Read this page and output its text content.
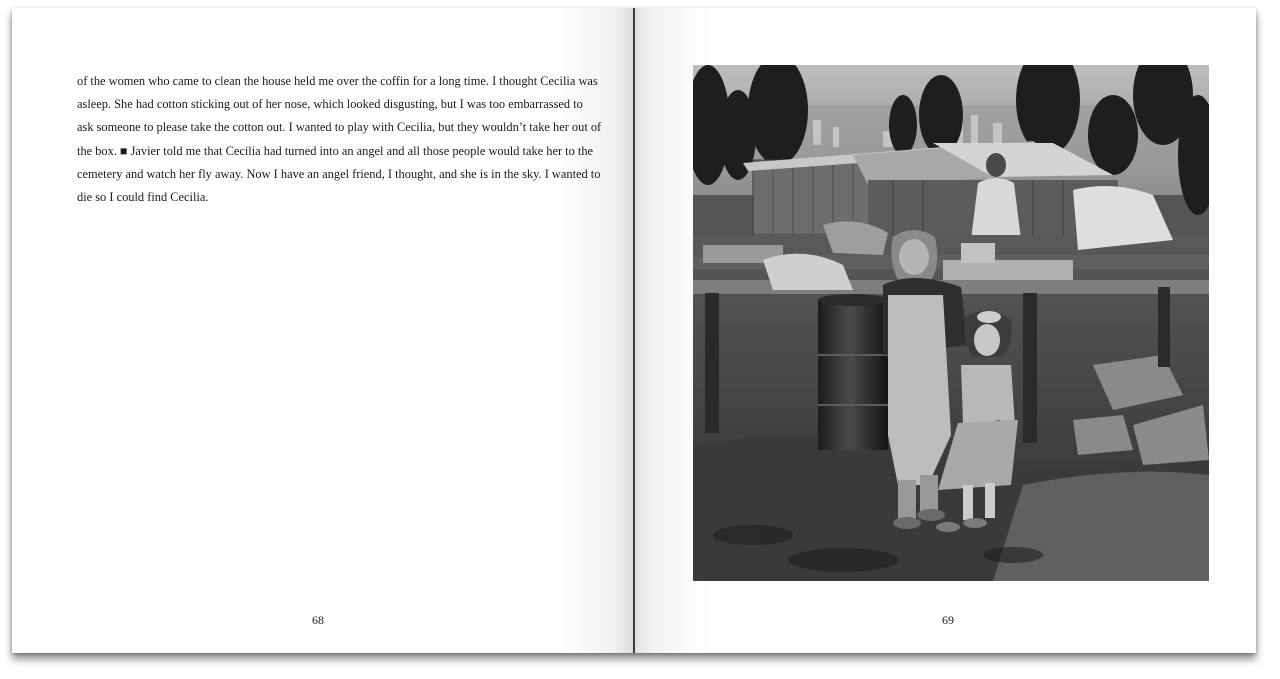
of the women who came to clean the house held me over the coffin for a long time. I thought Cecilia was

asleep. She had cotton sticking out of her nose, which looked disgusting, but I was too embarrassed to

ask someone to please take the cotton out. I wanted to play with Cecilia, but they wouldn’t take her out of

the box. ■ Javier told me that Cecilia had turned into an angel and all those people would take her to the

cemetery and watch her fly away. Now I have an angel friend, I thought, and she is in the sky. I wanted to

die so I could find Cecilia.

68	69
